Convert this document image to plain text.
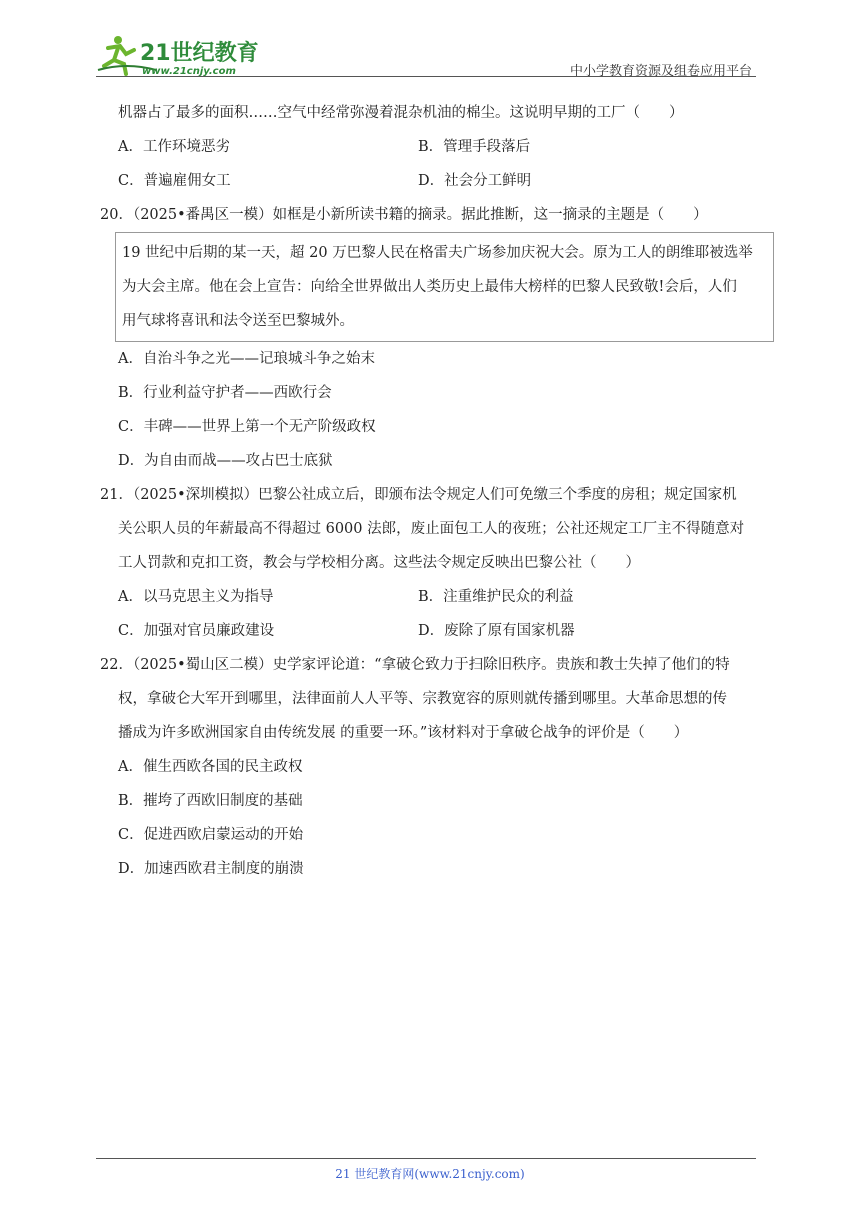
21世纪教育
www.21cnjy.com	中小学教育资源及组卷应用平台
机器占了最多的面积……空气中经常弥漫着混杂机油的棉尘。这说明早期的工厂（　　）
A．工作环境恶劣	B．管理手段落后
C．普遍雇佣女工	D．社会分工鲜明
20．（2025•番禺区一模）如框是小新所读书籍的摘录。据此推断，这一摘录的主题是（　　）
19 世纪中后期的某一天，超 20 万巴黎人民在格雷夫广场参加庆祝大会。原为工人的朗维耶被选举
为大会主席。他在会上宣告：向给全世界做出人类历史上最伟大榜样的巴黎人民致敬!会后，人们
用气球将喜讯和法令送至巴黎城外。
A．自治斗争之光——记琅城斗争之始末
B．行业利益守护者——西欧行会
C．丰碑——世界上第一个无产阶级政权
D．为自由而战——攻占巴士底狱
21．（2025•深圳模拟）巴黎公社成立后，即颁布法令规定人们可免缴三个季度的房租；规定国家机
关公职人员的年薪最高不得超过 6000 法郎，废止面包工人的夜班；公社还规定工厂主不得随意对
工人罚款和克扣工资，教会与学校相分离。这些法令规定反映出巴黎公社（　　）
A．以马克思主义为指导	B．注重维护民众的利益
C．加强对官员廉政建设	D．废除了原有国家机器
22．（2025•蜀山区二模）史学家评论道：“拿破仑致力于扫除旧秩序。贵族和教士失掉了他们的特
权，拿破仑大军开到哪里，法律面前人人平等、宗教宽容的原则就传播到哪里。大革命思想的传
播成为许多欧洲国家自由传统发展 的重要一环。”该材料对于拿破仑战争的评价是（　　）
A．催生西欧各国的民主政权
B．摧垮了西欧旧制度的基础
C．促进西欧启蒙运动的开始
D．加速西欧君主制度的崩溃
21 世纪教育网(www.21cnjy.com)
